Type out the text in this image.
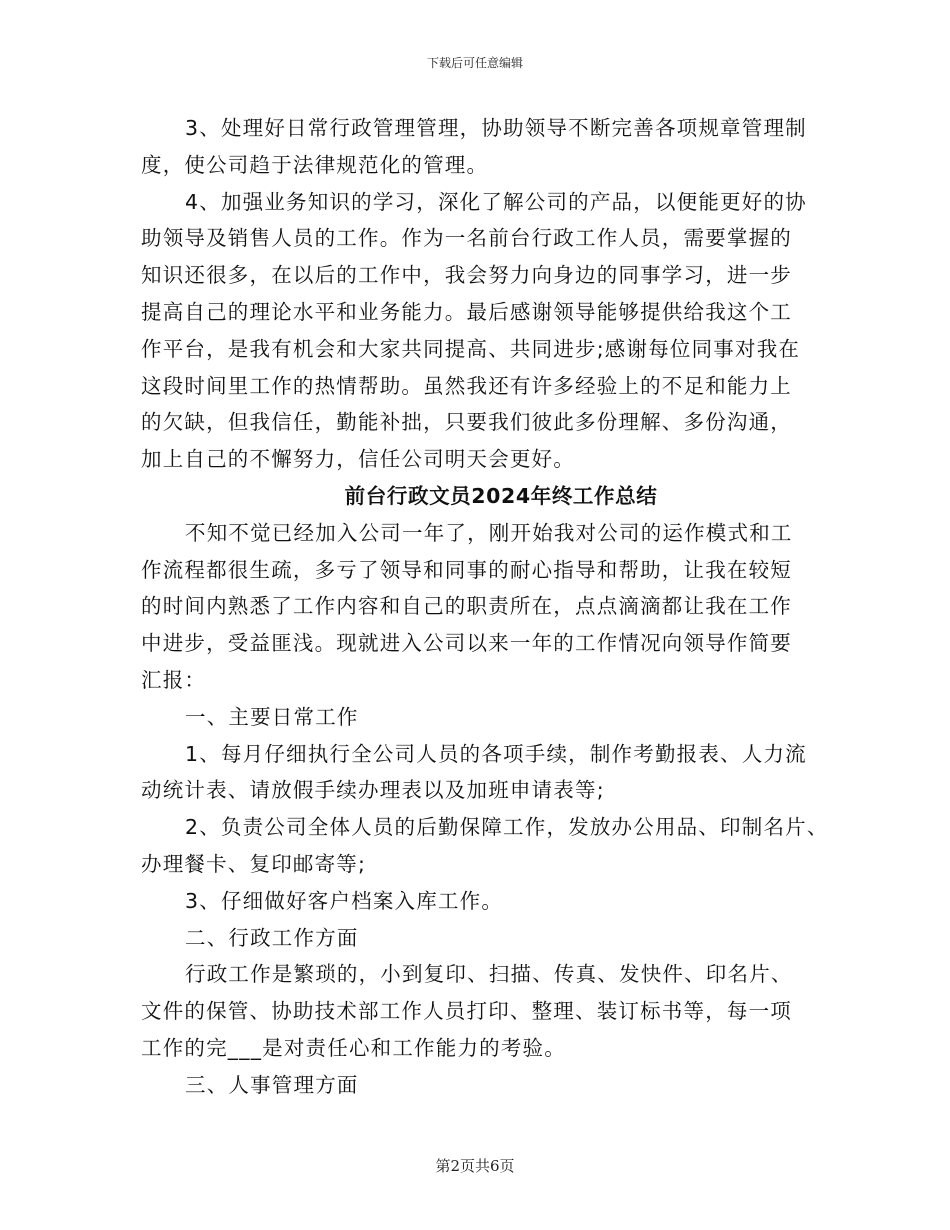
下载后可任意编辑
3、处理好日常行政管理管理，协助领导不断完善各项规章管理制
度，使公司趋于法律规范化的管理。
4、加强业务知识的学习，深化了解公司的产品，以便能更好的协
助领导及销售人员的工作。作为一名前台行政工作人员，需要掌握的
知识还很多，在以后的工作中，我会努力向身边的同事学习，进一步
提高自己的理论水平和业务能力。最后感谢领导能够提供给我这个工
作平台，是我有机会和大家共同提高、共同进步;感谢每位同事对我在
这段时间里工作的热情帮助。虽然我还有许多经验上的不足和能力上
的欠缺，但我信任，勤能补拙，只要我们彼此多份理解、多份沟通，
加上自己的不懈努力，信任公司明天会更好。
前台行政文员2024年终工作总结
不知不觉已经加入公司一年了，刚开始我对公司的运作模式和工
作流程都很生疏，多亏了领导和同事的耐心指导和帮助，让我在较短
的时间内熟悉了工作内容和自己的职责所在，点点滴滴都让我在工作
中进步，受益匪浅。现就进入公司以来一年的工作情况向领导作简要
汇报：
一、主要日常工作
1、每月仔细执行全公司人员的各项手续，制作考勤报表、人力流
动统计表、请放假手续办理表以及加班申请表等;
2、负责公司全体人员的后勤保障工作，发放办公用品、印制名片、
办理餐卡、复印邮寄等;
3、仔细做好客户档案入库工作。
二、行政工作方面
行政工作是繁琐的，小到复印、扫描、传真、发快件、印名片、
文件的保管、协助技术部工作人员打印、整理、装订标书等，每一项
工作的完___是对责任心和工作能力的考验。
三、人事管理方面
第2页共6页
